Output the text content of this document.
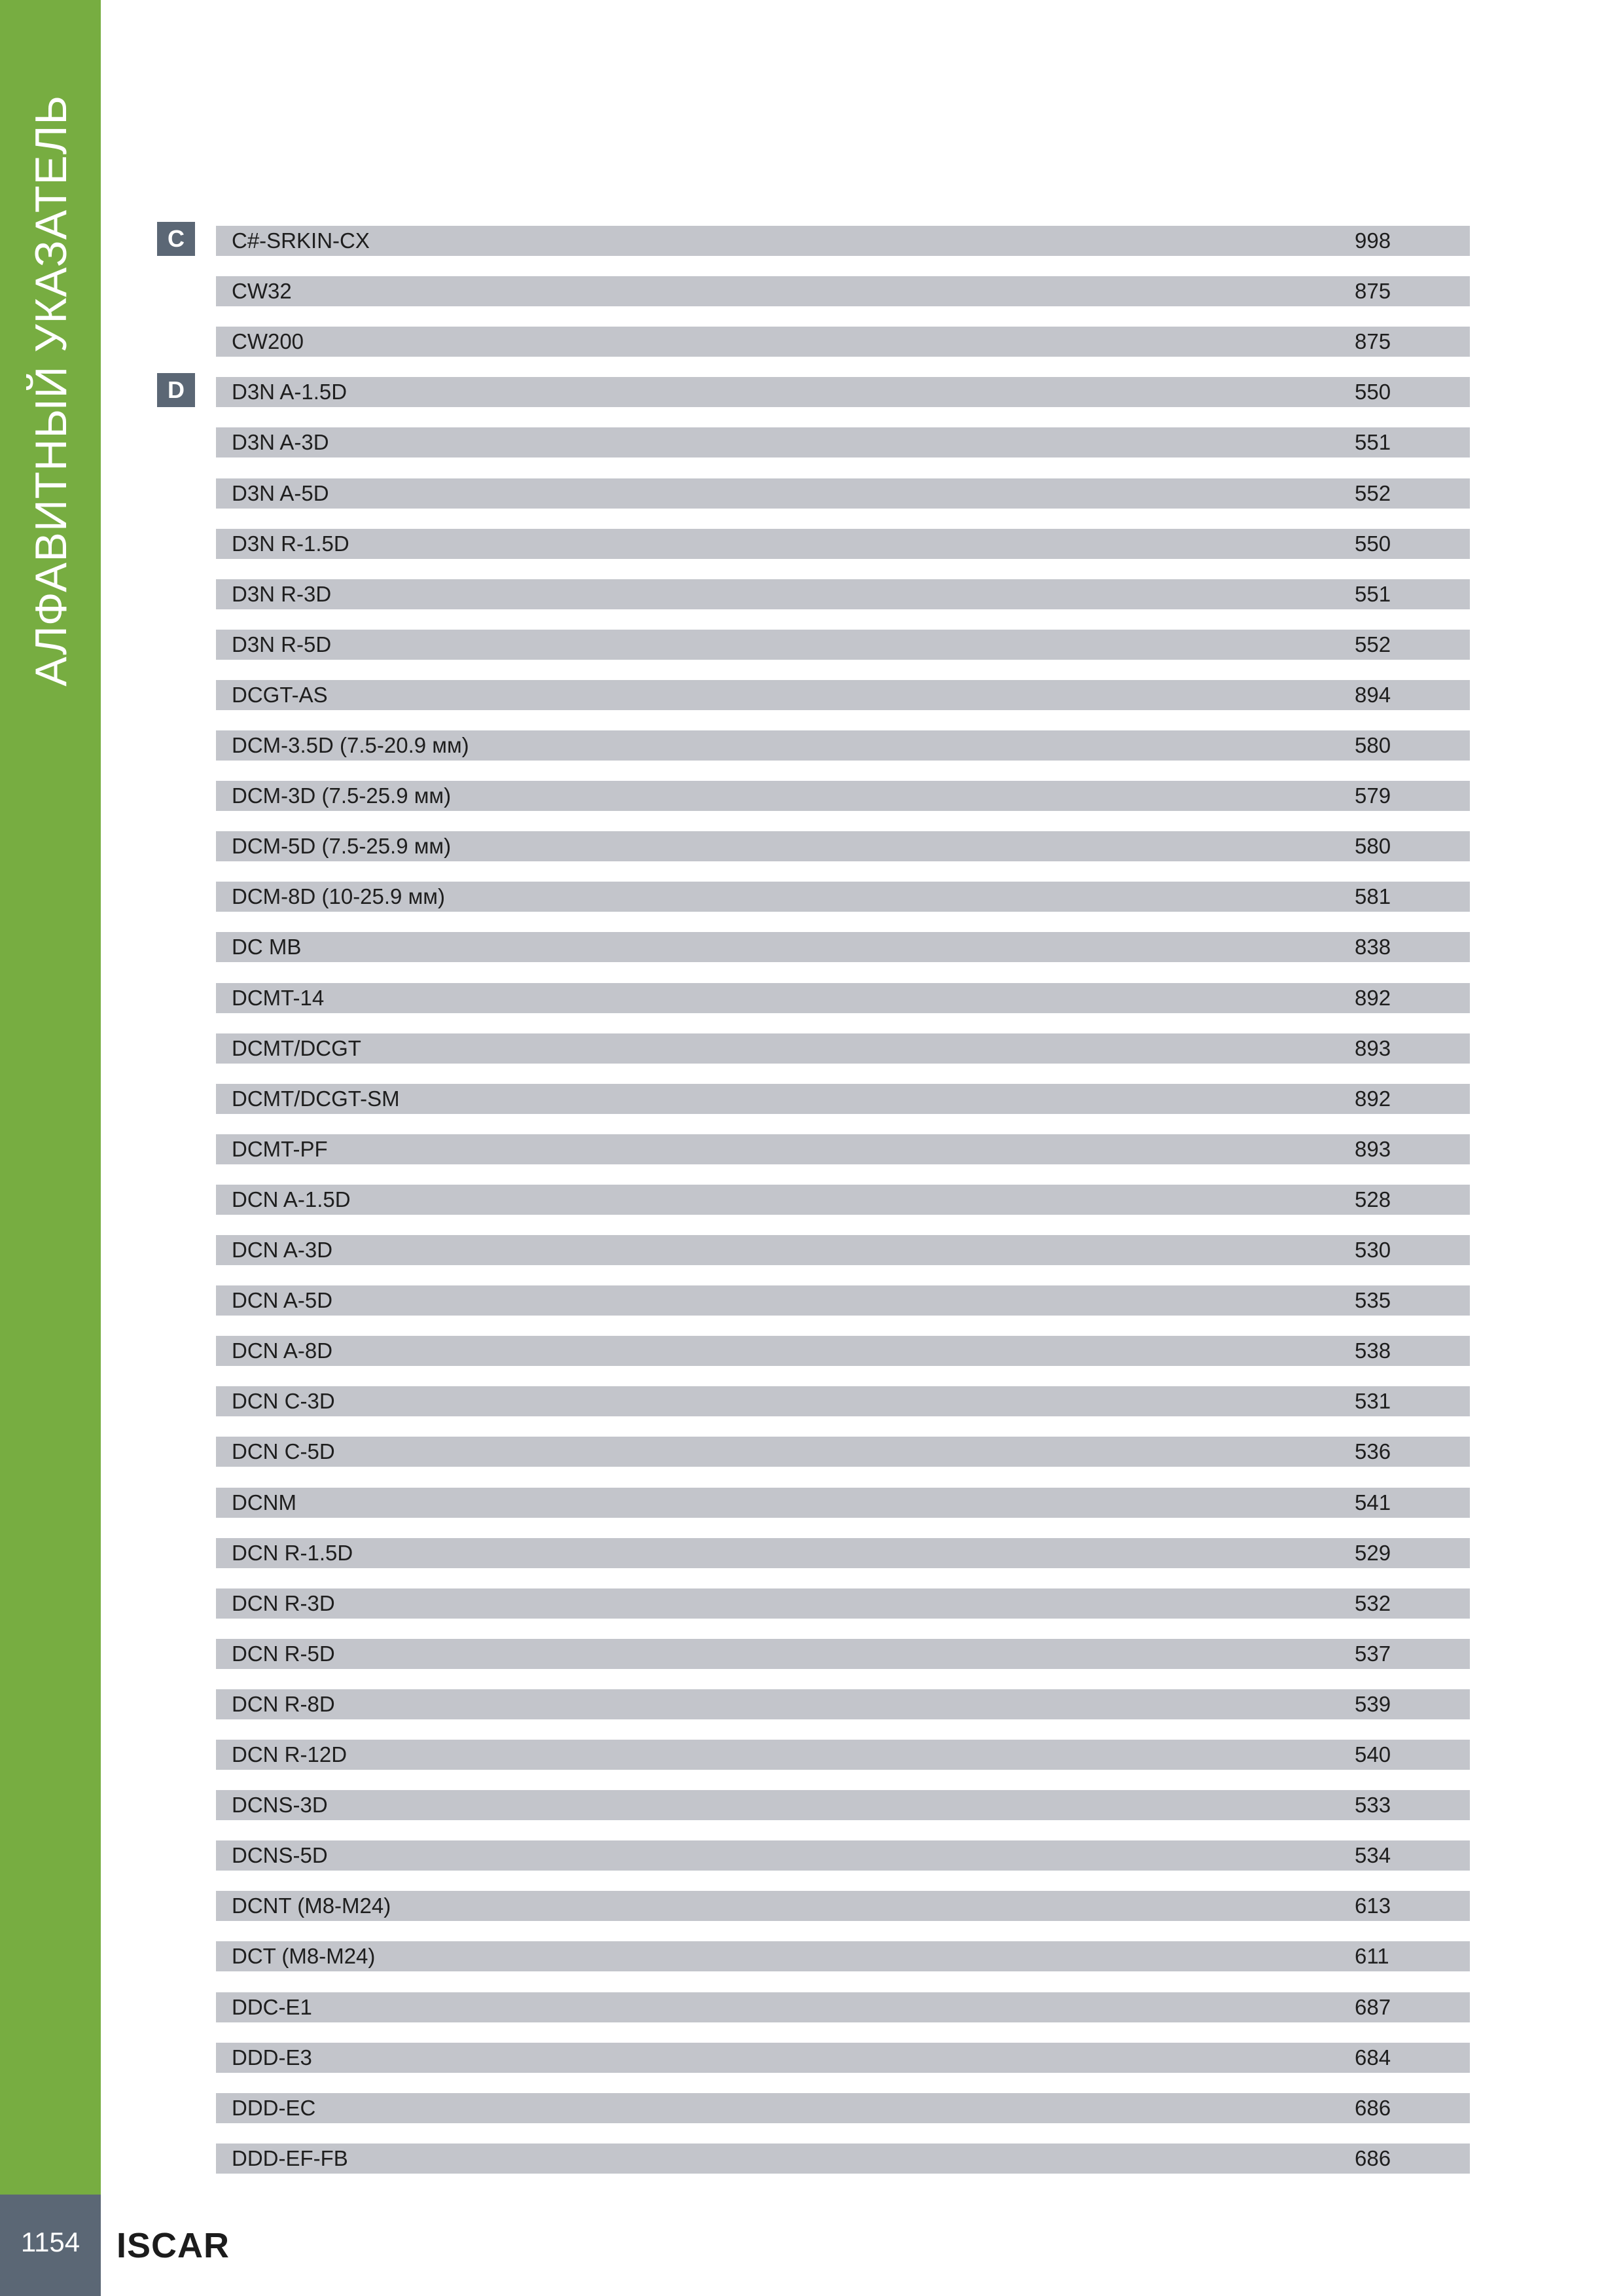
АЛФАВИТНЫЙ УКАЗАТЕЛЬ	C
D
C#-SRKIN-CX	998
CW32	875
CW200	875
D3N A-1.5D	550
D3N A-3D	551
D3N A-5D	552
D3N R-1.5D	550
D3N R-3D	551
D3N R-5D	552
DCGT-AS	894
DCM-3.5D (7.5-20.9 мм)	580
DCM-3D (7.5-25.9 мм)	579
DCM-5D (7.5-25.9 мм)	580
DCM-8D (10-25.9 мм)	581
DC MB	838
DCMT-14	892
DCMT/DCGT	893
DCMT/DCGT-SM	892
DCMT-PF	893
DCN A-1.5D	528
DCN A-3D	530
DCN A-5D	535
DCN A-8D	538
DCN C-3D	531
DCN C-5D	536
DCNM	541
DCN R-1.5D	529
DCN R-3D	532
DCN R-5D	537
DCN R-8D	539
DCN R-12D	540
DCNS-3D	533
DCNS-5D	534
DCNT (M8-M24)	613
DCT (M8-M24)	611
DDC-E1	687
DDD-E3	684
DDD-EC	686
DDD-EF-FB	686
1154	ISCAR
